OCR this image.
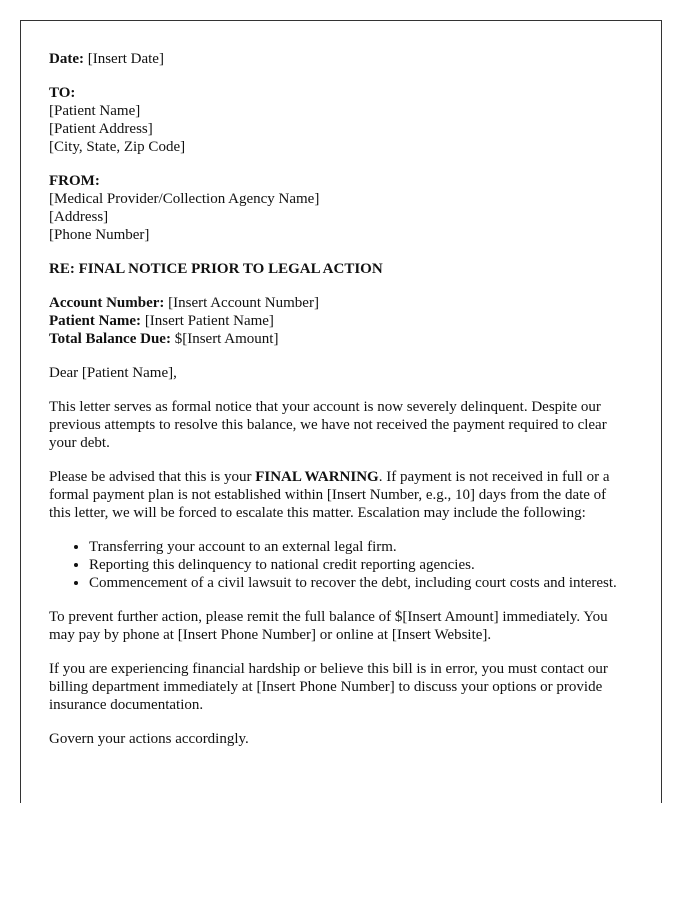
Date: [Insert Date]

TO:
[Patient Name]
[Patient Address]
[City, State, Zip Code]

FROM:
[Medical Provider/Collection Agency Name]
[Address]
[Phone Number]

RE: FINAL NOTICE PRIOR TO LEGAL ACTION

Account Number: [Insert Account Number]
Patient Name: [Insert Patient Name]
Total Balance Due: $[Insert Amount]

Dear [Patient Name],

This letter serves as formal notice that your account is now severely delinquent. Despite our previous attempts to resolve this balance, we have not received the payment required to clear your debt.

Please be advised that this is your FINAL WARNING. If payment is not received in full or a formal payment plan is not established within [Insert Number, e.g., 10] days from the date of this letter, we will be forced to escalate this matter. Escalation may include the following:

• Transferring your account to an external legal firm.
• Reporting this delinquency to national credit reporting agencies.
• Commencement of a civil lawsuit to recover the debt, including court costs and interest.

To prevent further action, please remit the full balance of $[Insert Amount] immediately. You may pay by phone at [Insert Phone Number] or online at [Insert Website].

If you are experiencing financial hardship or believe this bill is in error, you must contact our billing department immediately at [Insert Phone Number] to discuss your options or provide insurance documentation.

Govern your actions accordingly.
